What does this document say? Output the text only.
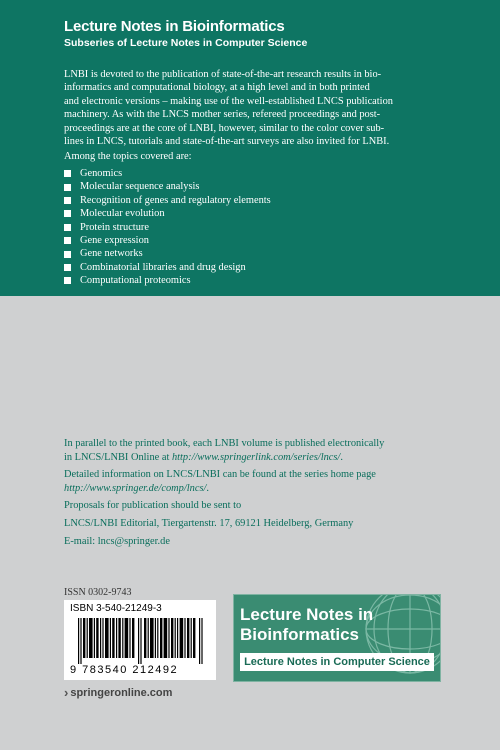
Lecture Notes in Bioinformatics
Subseries of Lecture Notes in Computer Science

LNBI is devoted to the publication of state-of-the-art research results in bio-

informatics and computational biology, at a high level and in both printed

and electronic versions – making use of the well-established LNCS publication

machinery. As with the LNCS mother series, refereed proceedings and post-

proceedings are at the core of LNBI, however, similar to the color cover sub-

lines in LNCS, tutorials and state-of-the-art surveys are also invited for LNBI.

Among the topics covered are:
Genomics
Molecular sequence analysis
Recognition of genes and regulatory elements
Molecular evolution
Protein structure
Gene expression
Gene networks
Combinatorial libraries and drug design
Computational proteomics

In parallel to the printed book, each LNBI volume is published electronically
in LNCS/LNBI Online at http://www.springerlink.com/series/lncs/.

Detailed information on LNCS/LNBI can be found at the series home page
http://www.springer.de/comp/lncs/.

Proposals for publication should be sent to

LNCS/LNBI Editorial, Tiergartenstr. 17, 69121 Heidelberg, Germany

E-mail: lncs@springer.de

ISSN 0302-9743
ISBN 3-540-21249-3
9 783540 212492
› springeronline.com
Lecture Notes in
Bioinformatics
Lecture Notes in Computer Science
